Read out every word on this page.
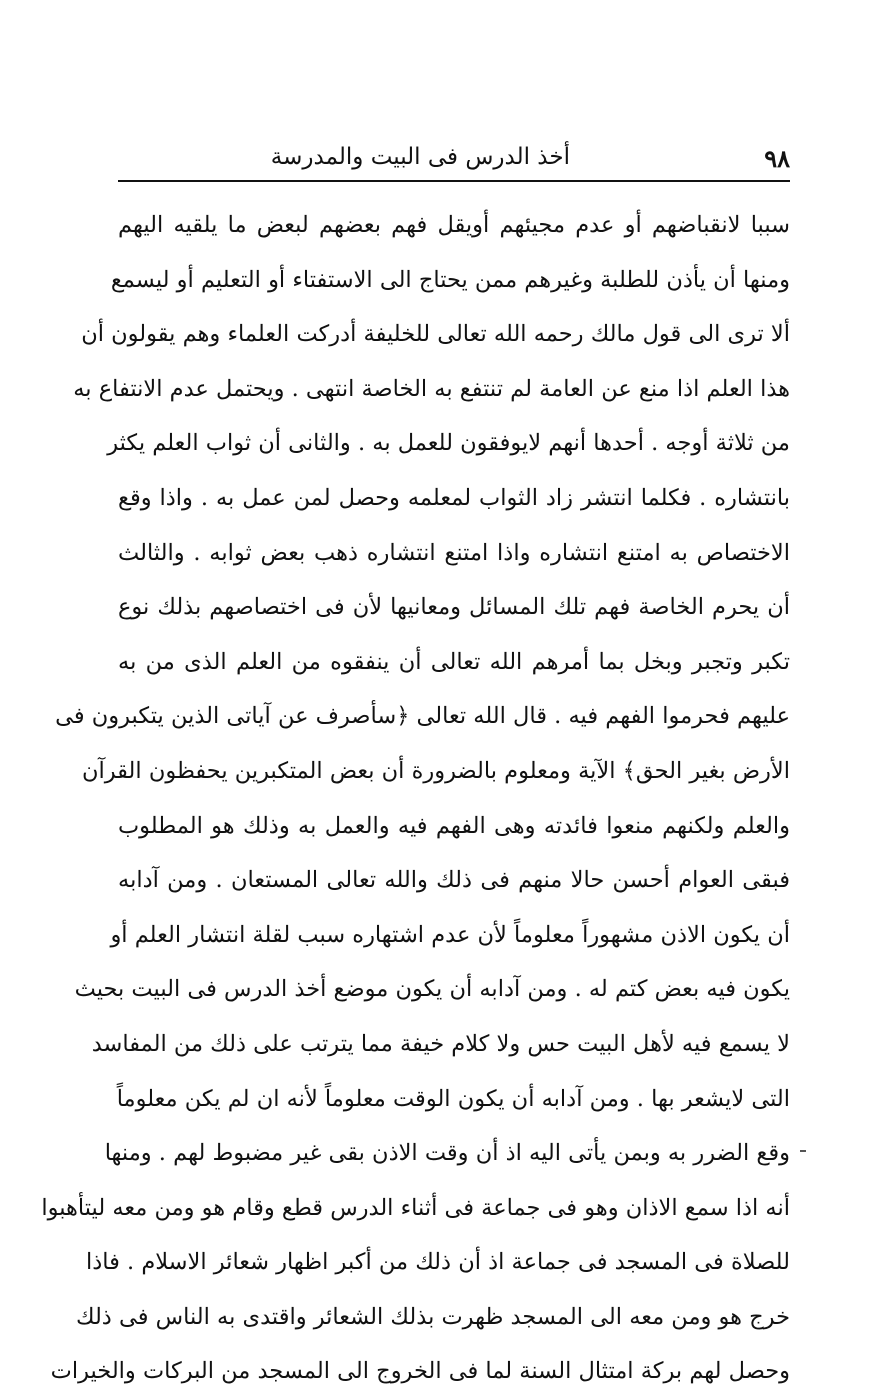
٩٨
أخذ الدرس فى البيت والمدرسة
سببا لانقباضهم أو عدم مجيئهم أويقل فهم بعضهم لبعض ما يلقيه اليهم
ومنها أن يأذن للطلبة وغيرهم ممن يحتاج الى الاستفتاء أو التعليم أو ليسمع
ألا ترى الى قول مالك رحمه الله تعالى للخليفة أدركت العلماء وهم يقولون أن
هذا العلم اذا منع عن العامة لم تنتفع به الخاصة انتهى . ويحتمل عدم الانتفاع به
من ثلاثة أوجه . أحدها أنهم لايوفقون للعمل به . والثانى أن ثواب العلم يكثر
بانتشاره . فكلما انتشر زاد الثواب لمعلمه وحصل لمن عمل به . واذا وقع
الاختصاص به امتنع انتشاره واذا امتنع انتشاره ذهب بعض ثوابه . والثالث
أن يحرم الخاصة فهم تلك المسائل ومعانيها لأن فى اختصاصهم بذلك نوع
تكبر وتجبر وبخل بما أمرهم الله تعالى أن ينفقوه من العلم الذى من به
عليهم فحرموا الفهم فيه . قال الله تعالى ﴿سأصرف عن آياتى الذين يتكبرون فى
الأرض بغير الحق﴾ الآية ومعلوم بالضرورة أن بعض المتكبرين يحفظون القرآن
والعلم ولكنهم منعوا فائدته وهى الفهم فيه والعمل به وذلك هو المطلوب
فبقى العوام أحسن حالا منهم فى ذلك والله تعالى المستعان . ومن آدابه
أن يكون الاذن مشهوراً معلوماً لأن عدم اشتهاره سبب لقلة انتشار العلم أو
يكون فيه بعض كتم له . ومن آدابه أن يكون موضع أخذ الدرس فى البيت بحيث
لا يسمع فيه لأهل البيت حس ولا كلام خيفة مما يترتب على ذلك من المفاسد
التى لايشعر بها . ومن آدابه أن يكون الوقت معلوماً لأنه ان لم يكن معلوماً
وقع الضرر به وبمن يأتى اليه اذ أن وقت الاذن بقى غير مضبوط لهم . ومنها
أنه اذا سمع الاذان وهو فى جماعة فى أثناء الدرس قطع وقام هو ومن معه ليتأهبوا
للصلاة فى المسجد فى جماعة اذ أن ذلك من أكبر اظهار شعائر الاسلام . فاذا
خرج هو ومن معه الى المسجد ظهرت بذلك الشعائر واقتدى به الناس فى ذلك
وحصل لهم بركة امتثال السنة لما فى الخروج الى المسجد من البركات والخيرات
